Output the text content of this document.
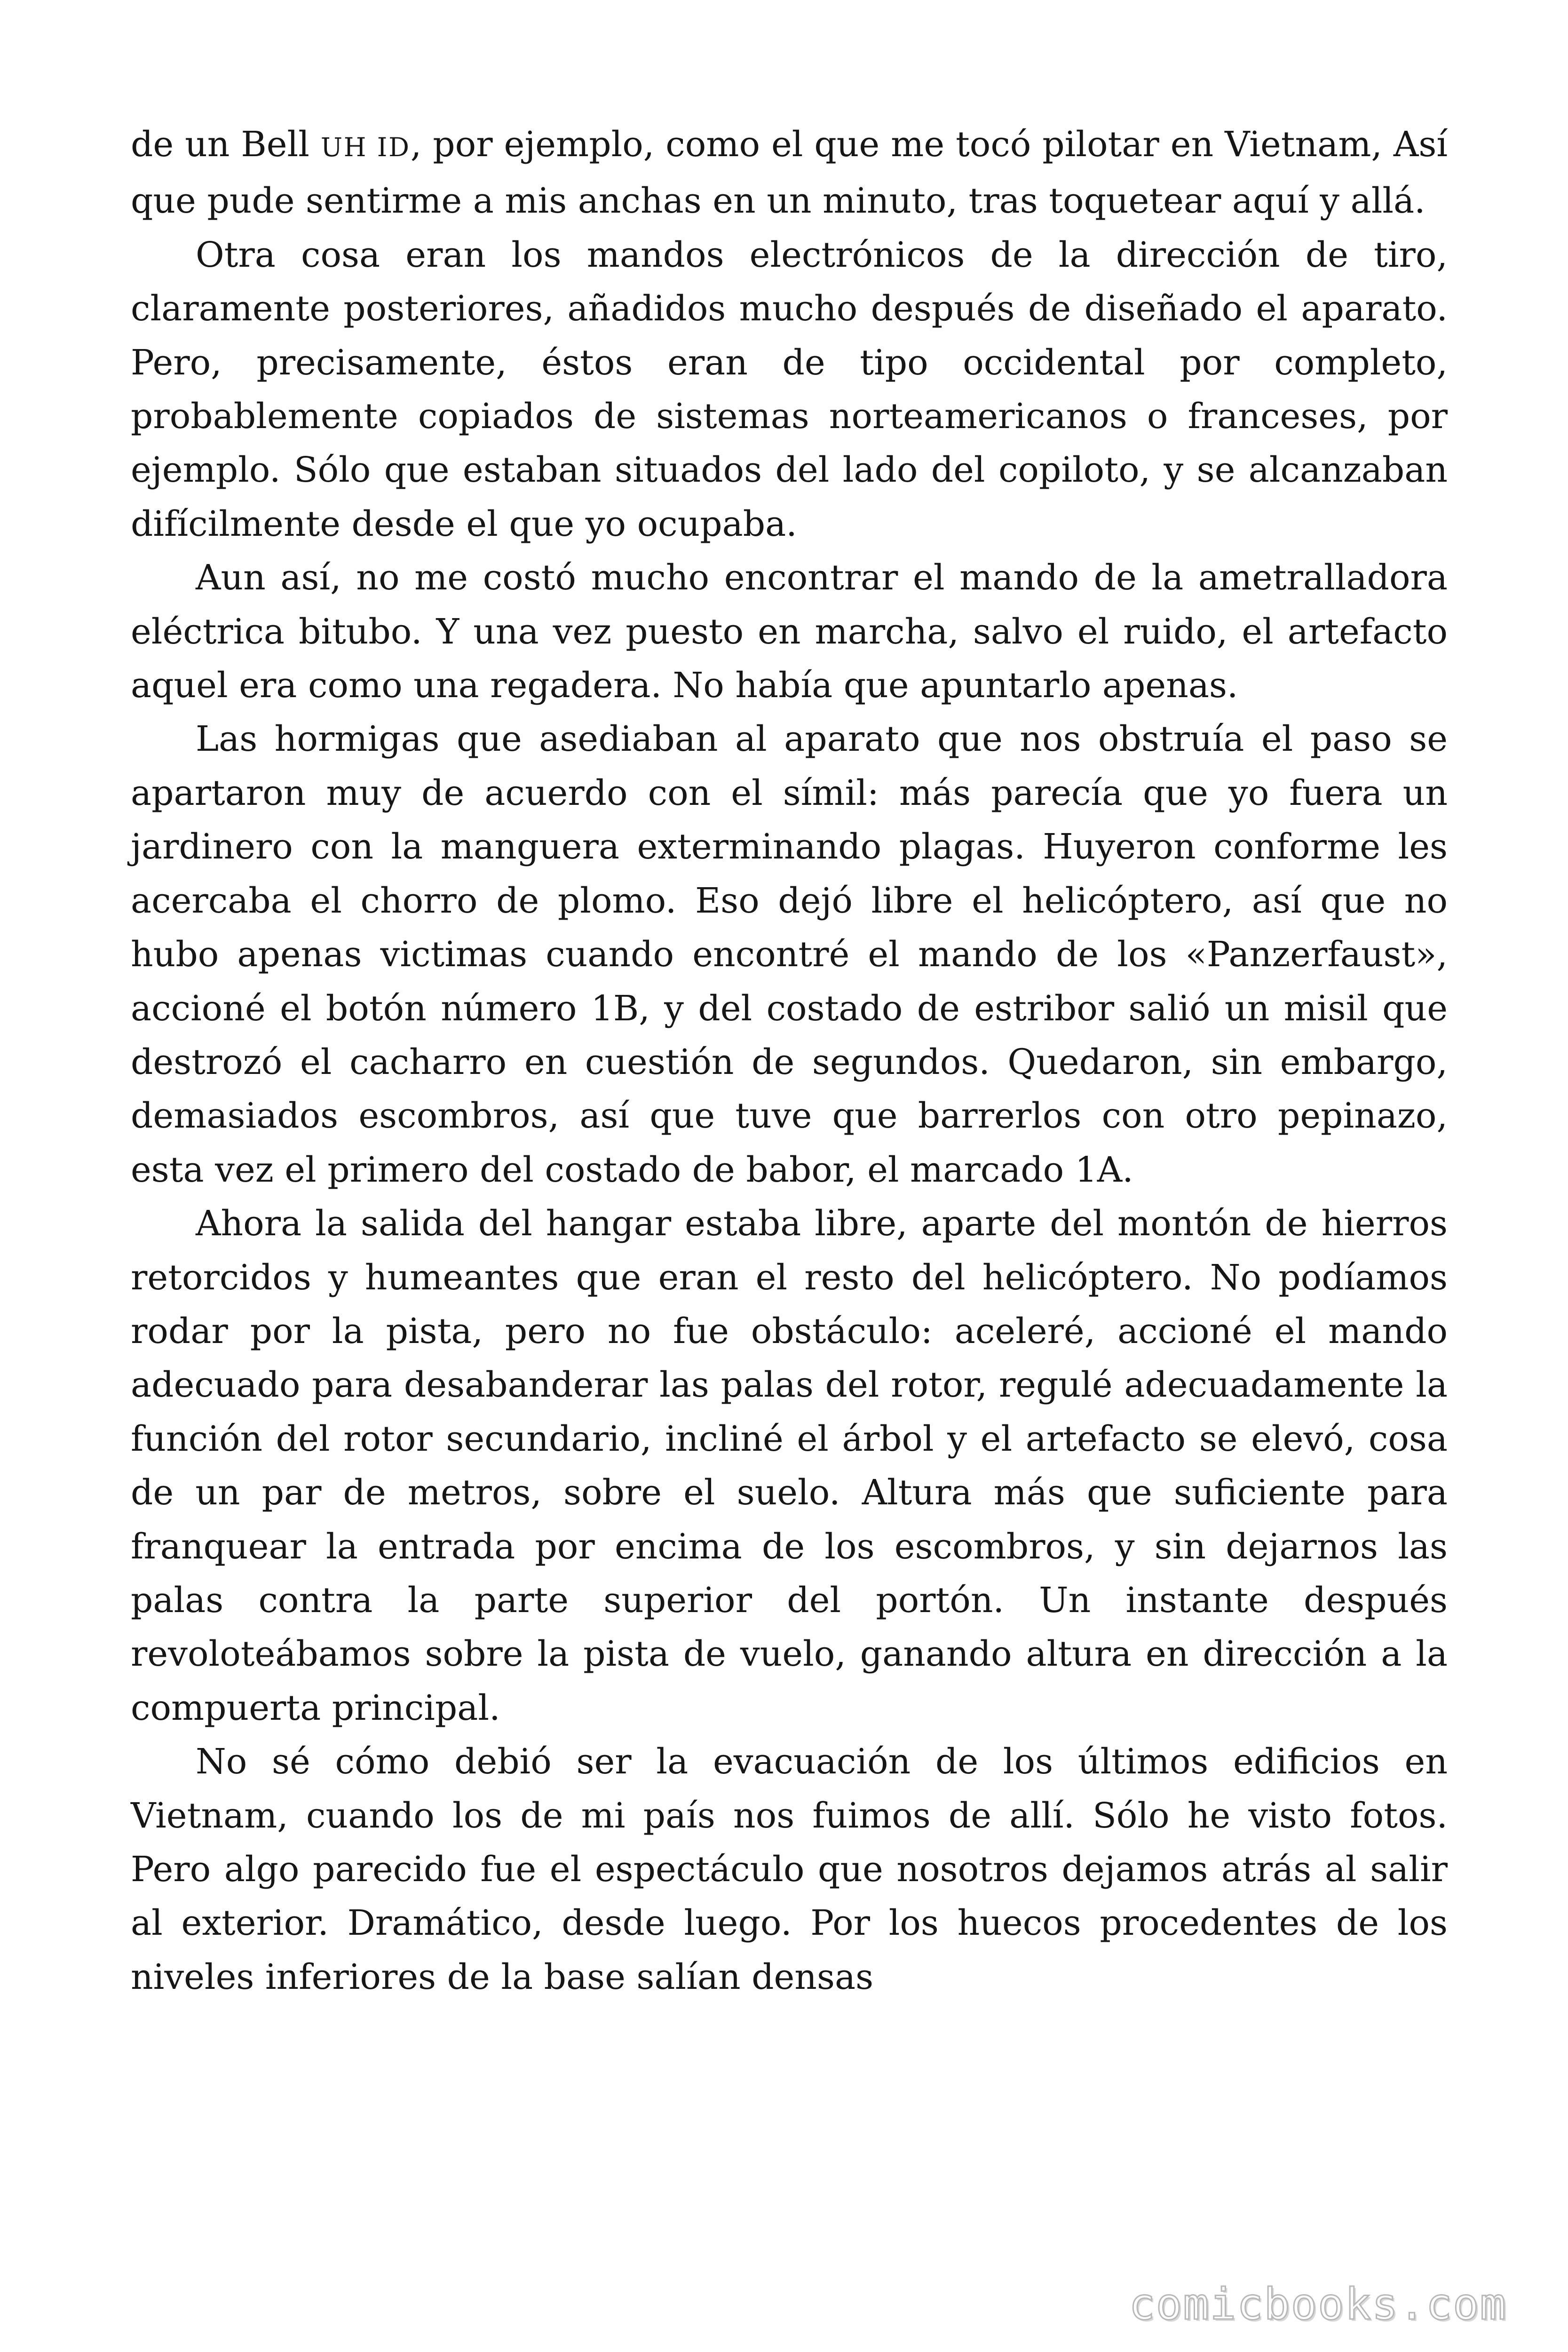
de un Bell UH ID, por ejemplo, como el que me tocó pilotar en Vietnam, Así que pude sentirme a mis anchas en un minuto, tras toquetear aquí y allá.

Otra cosa eran los mandos electrónicos de la dirección de tiro, claramente posteriores, añadidos mucho después de diseñado el aparato. Pero, precisamente, éstos eran de tipo occidental por completo, probablemente copiados de sistemas norteamericanos o franceses, por ejemplo. Sólo que estaban situados del lado del copiloto, y se alcanzaban difícilmente desde el que yo ocupaba.

Aun así, no me costó mucho encontrar el mando de la ametralladora eléctrica bitubo. Y una vez puesto en marcha, salvo el ruido, el artefacto aquel era como una regadera. No había que apuntarlo apenas.

Las hormigas que asediaban al aparato que nos obstruía el paso se apartaron muy de acuerdo con el símil: más parecía que yo fuera un jardinero con la manguera exterminando plagas. Huyeron conforme les acercaba el chorro de plomo. Eso dejó libre el helicóptero, así que no hubo apenas victimas cuando encontré el mando de los «Panzerfaust», accioné el botón número 1B, y del costado de estribor salió un misil que destrozó el cacharro en cuestión de segundos. Quedaron, sin embargo, demasiados escombros, así que tuve que barrerlos con otro pepinazo, esta vez el primero del costado de babor, el marcado 1A.

Ahora la salida del hangar estaba libre, aparte del montón de hierros retorcidos y humeantes que eran el resto del helicóptero. No podíamos rodar por la pista, pero no fue obstáculo: aceleré, accioné el mando adecuado para desabanderar las palas del rotor, regulé adecuadamente la función del rotor secundario, incliné el árbol y el artefacto se elevó, cosa de un par de metros, sobre el suelo. Altura más que suficiente para franquear la entrada por encima de los escombros, y sin dejarnos las palas contra la parte superior del portón. Un instante después revoloteábamos sobre la pista de vuelo, ganando altura en dirección a la compuerta principal.

No sé cómo debió ser la evacuación de los últimos edificios en Vietnam, cuando los de mi país nos fuimos de allí. Sólo he visto fotos. Pero algo parecido fue el espectáculo que nosotros dejamos atrás al salir al exterior. Dramático, desde luego. Por los huecos procedentes de los niveles inferiores de la base salían densas

comicbooks.com
